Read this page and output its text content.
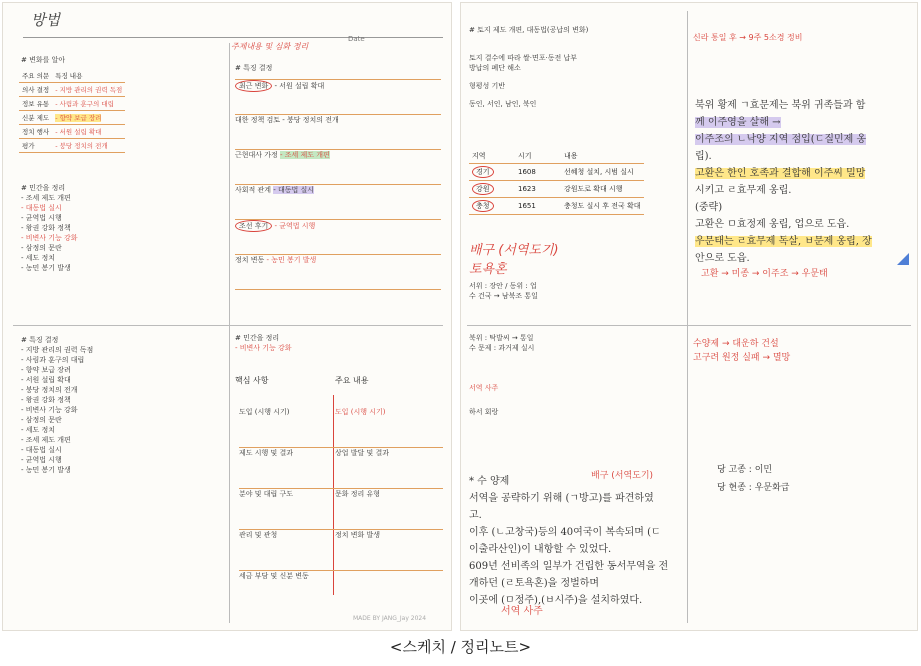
방법
Date
주제내용 및 심화 정리
# 변화를 알아
주요 의문	특징 내용
의사 결정	- 지방 관리의 권력 독점
정보 유통	- 사림과 훈구의 대립
신분 제도	- 향약 보급 장려
정치 행사	- 서원 설립 확대
평가	- 붕당 정치의 전개
# 민간을 정리
- 조세 제도 개편
- 대동법 실시
- 균역법 시행
- 왕권 강화 정책
- 비변사 기능 강화
- 삼정의 문란
- 세도 정치
- 농민 봉기 발생
# 특징 결정
최근 변화 - 서원 설립 확대
대한 정책 검토 - 붕당 정치의 전개
근현대사 가정 - 조세 제도 개편
사회적 관계 - 대동법 실시
조선 후기 - 균역법 시행
정치 변동 - 농민 봉기 발생
# 특징 결정
- 지방 관리의 권력 독점
- 사림과 훈구의 대립
- 향약 보급 장려
- 서원 설립 확대
- 붕당 정치의 전개
- 왕권 강화 정책
- 비변사 기능 강화
- 삼정의 문란
- 세도 정치
- 조세 제도 개편
- 대동법 실시
- 균역법 시행
- 농민 봉기 발생
# 민간을 정리
- 비변사 기능 강화
핵심 사항	주요 내용
도입 (시행 시기)	도입 (시행 시기)
제도 시행 및 결과	상업 발달 및 결과
분야 및 대립 구도	문화 정리 유형
관리 및 관청	정치 변화 발생
세금 부담 및 신분 변동
MADE BY JANG_Jay 2024
# 토지 제도 개편, 대동법(공납의 변화)
토지 결수에 따라 쌀·면포·동전 납부
방납의 폐단 해소
형평성 기반
동인, 서인, 남인, 북인
지역	시기	내용
경기	1608	선혜청 설치, 시범 실시
강원	1623	강원도로 확대 시행
충청	1651	충청도 실시 후 전국 확대
배구 (서역도기)
토욕혼
서위 : 장안 / 동위 : 업
수 건국 → 남북조 통일
신라 통일 후 → 9주 5소경 정비
북위 황제 ㄱ효문제는 북위 귀족들과 함
께 이주영을 살해 →
이주조의 ㄴ낙양 지역 점입(ㄷ질민제 옹
립).
고환은 한인 호족과 결합해 이주씨 밀망
시키고 ㄹ효무제 옹립.
(중략)
고환은 ㅁ효정제 옹립, 업으로 도읍.
우문태는 ㄹ효무제 독살, ㅂ문제 옹립, 장
안으로 도읍.
고환 → 미종 → 이주조 → 우문태
북위 : 탁발씨 → 통일
수 문제 : 과거제 실시
서역 사주
하서 회랑
* 수 양제
서역을 공략하기 위해 (ㄱ방고)를 파견하였
고.
이후 (ㄴ고창국)등의 40여국이 복속되며 (ㄷ
이출라산인)이 내항할 수 있었다.
609년 선비족의 일부가 건립한 동서무역을 전
개하던 (ㄹ토욕혼)을 정벌하며
이곳에 (ㅁ정주),(ㅂ시주)을 설치하였다.
배구 (서역도기)
서역 사주
수양제 → 대운하 건설
고구려 원정 실패 → 멸망
당 고종 : 이민
당 현종 : 우문화급
<스케치 / 정리노트>
